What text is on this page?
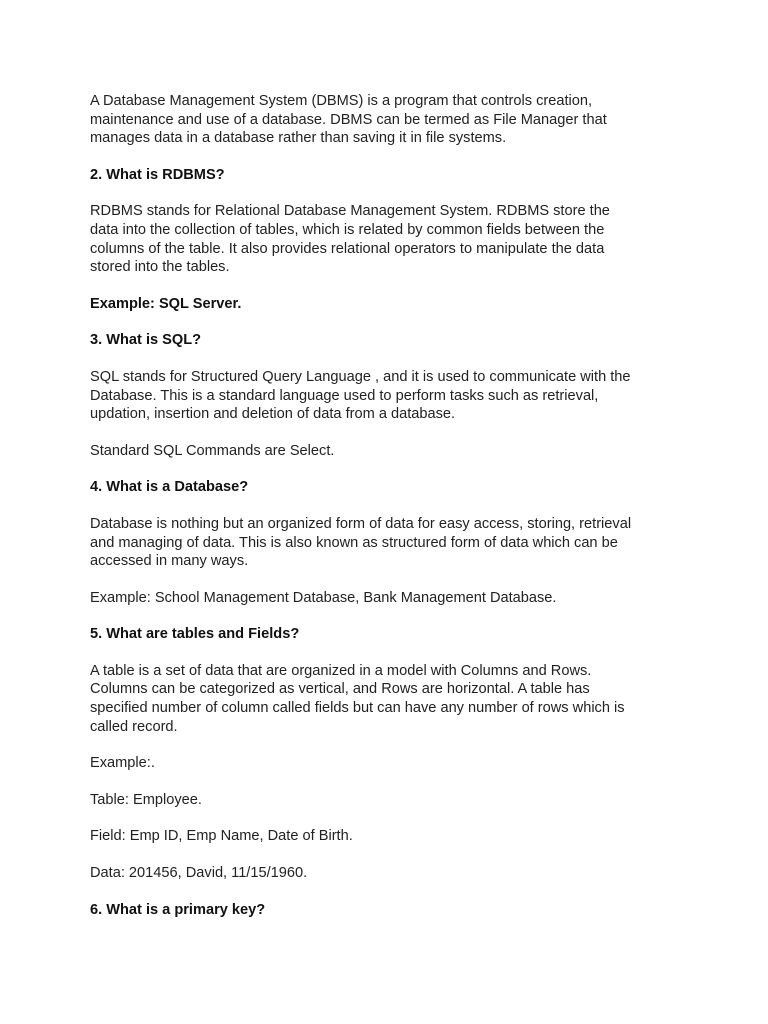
A Database Management System (DBMS) is a program that controls creation,
maintenance and use of a database. DBMS can be termed as File Manager that
manages data in a database rather than saving it in file systems.

2. What is RDBMS?

RDBMS stands for Relational Database Management System. RDBMS store the
data into the collection of tables, which is related by common fields between the
columns of the table. It also provides relational operators to manipulate the data
stored into the tables.

Example: SQL Server.

3. What is SQL?

SQL stands for Structured Query Language , and it is used to communicate with the
Database. This is a standard language used to perform tasks such as retrieval,
updation, insertion and deletion of data from a database.

Standard SQL Commands are Select.

4. What is a Database?

Database is nothing but an organized form of data for easy access, storing, retrieval
and managing of data. This is also known as structured form of data which can be
accessed in many ways.

Example: School Management Database, Bank Management Database.

5. What are tables and Fields?

A table is a set of data that are organized in a model with Columns and Rows.
Columns can be categorized as vertical, and Rows are horizontal. A table has
specified number of column called fields but can have any number of rows which is
called record.

Example:.

Table: Employee.

Field: Emp ID, Emp Name, Date of Birth.

Data: 201456, David, 11/15/1960.

6. What is a primary key?
